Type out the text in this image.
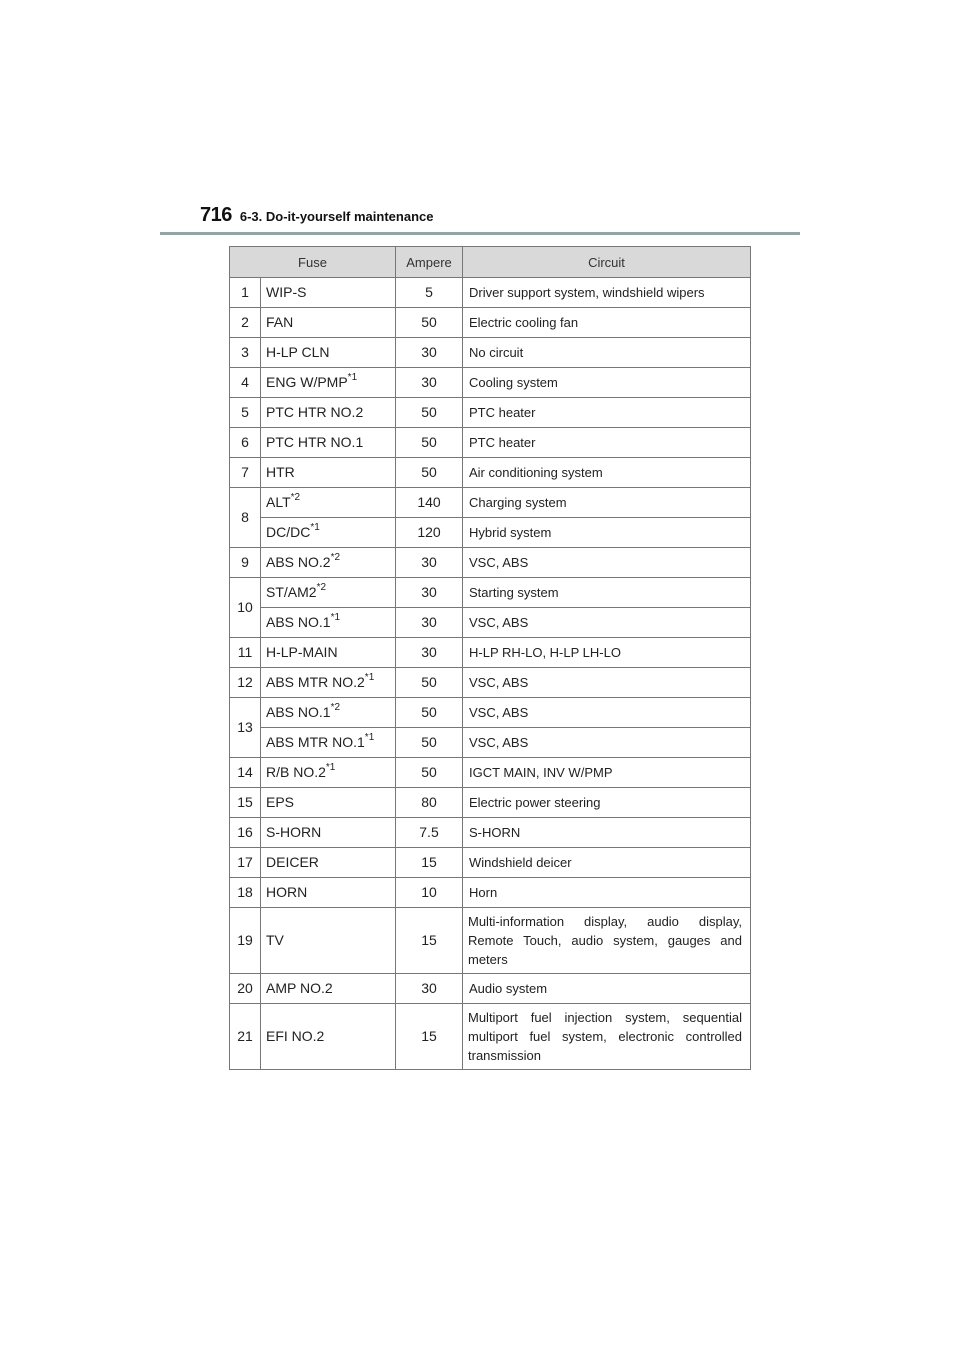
716 6-3. Do-it-yourself maintenance
Fuse		Ampere	Circuit
1	WIP-S	5	Driver support system, windshield wipers
2	FAN	50	Electric cooling fan
3	H-LP CLN	30	No circuit
4	ENG W/PMP$^{*1}$	30	Cooling system
5	PTC HTR NO.2	50	PTC heater
6	PTC HTR NO.1	50	PTC heater
7	HTR	50	Air conditioning system
8	ALT$^{*2}$	140	Charging system
	DC/DC$^{*1}$	120	Hybrid system
9	ABS NO.2$^{*2}$	30	VSC, ABS
10	ST/AM2$^{*2}$	30	Starting system
	ABS NO.1$^{*1}$	30	VSC, ABS
11	H-LP-MAIN	30	H-LP RH-LO, H-LP LH-LO
12	ABS MTR NO.2$^{*1}$	50	VSC, ABS
13	ABS NO.1$^{*2}$	50	VSC, ABS
	ABS MTR NO.1$^{*1}$	50	VSC, ABS
14	R/B NO.2$^{*1}$	50	IGCT MAIN, INV W/PMP
15	EPS	80	Electric power steering
16	S-HORN	7.5	S-HORN
17	DEICER	15	Windshield deicer
18	HORN	10	Horn
19	TV	15	Multi-information display, audio display, Remote Touch, audio system, gauges and meters
20	AMP NO.2	30	Audio system
21	EFI NO.2	15	Multiport fuel injection system, sequential multiport fuel system, electronic controlled transmission
